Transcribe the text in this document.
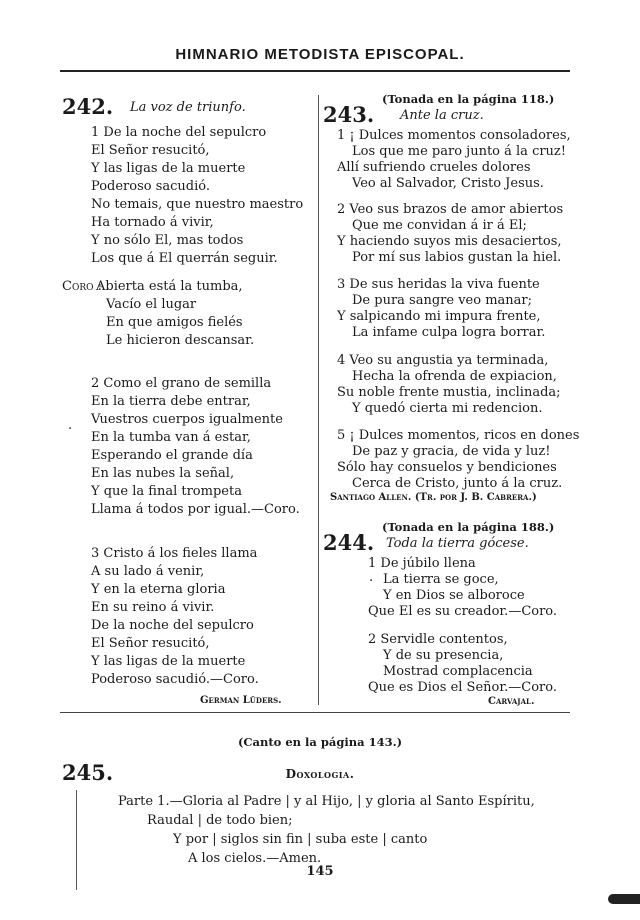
HIMNARIO METODISTA EPISCOPAL.
242. La voz de triunfo.
1 De la noche del sepulcro
El Señor resucitó,
Y las ligas de la muerte
Poderoso sacudió.
No temais, que nuestro maestro
Ha tornado á vivir,
Y no sólo El, mas todos
Los que á El querrán seguir.
Coro :
Abierta está la tumba,
Vacío el lugar
En que amigos fielés
Le hicieron descansar.
2 Como el grano de semilla
En la tierra debe entrar,
Vuestros cuerpos igualmente
En la tumba van á estar,
Esperando el grande día
En las nubes la señal,
Y que la final trompeta
Llama á todos por igual.—Coro.
.
3 Cristo á los fieles llama
A su lado á venir,
Y en la eterna gloria
En su reino á vivir.
De la noche del sepulcro
El Señor resucitó,
Y las ligas de la muerte
Poderoso sacudió.—Coro.
German Lüders.
(Tonada en la página 118.)
243. Ante la cruz.
1 ¡ Dulces momentos consoladores,
Los que me paro junto á la cruz!
Allí sufriendo crueles dolores
Veo al Salvador, Cristo Jesus.
2 Veo sus brazos de amor abiertos
Que me convidan á ir á El;
Y haciendo suyos mis desaciertos,
Por mí sus labios gustan la hiel.
3 De sus heridas la viva fuente
De pura sangre veo manar;
Y salpicando mi impura frente,
La infame culpa logra borrar.
4 Veo su angustia ya terminada,
Hecha la ofrenda de expiacion,
Su noble frente mustia, inclinada;
Y quedó cierta mi redencion.
5 ¡ Dulces momentos, ricos en dones
De paz y gracia, de vida y luz!
Sólo hay consuelos y bendiciones
Cerca de Cristo, junto á la cruz.
Santiago Allen. (Tr. por J. B. Cabrera.)
(Tonada en la página 188.)
244. Toda la tierra gócese.
1 De júbilo llena
La tierra se goce,
Y en Dios se alboroce
Que El es su creador.—Coro.
.
2 Servidle contentos,
Y de su presencia,
Mostrad complacencia
Que es Dios el Señor.—Coro.
Carvajal.
(Canto en la página 143.)
245.	Doxologia.
Parte 1.—Gloria al Padre | y al Hijo, | y gloria al Santo Espíritu,
Raudal | de todo bien;
Y por | siglos sin fin | suba este | canto
A los cielos.—Amen.
145
